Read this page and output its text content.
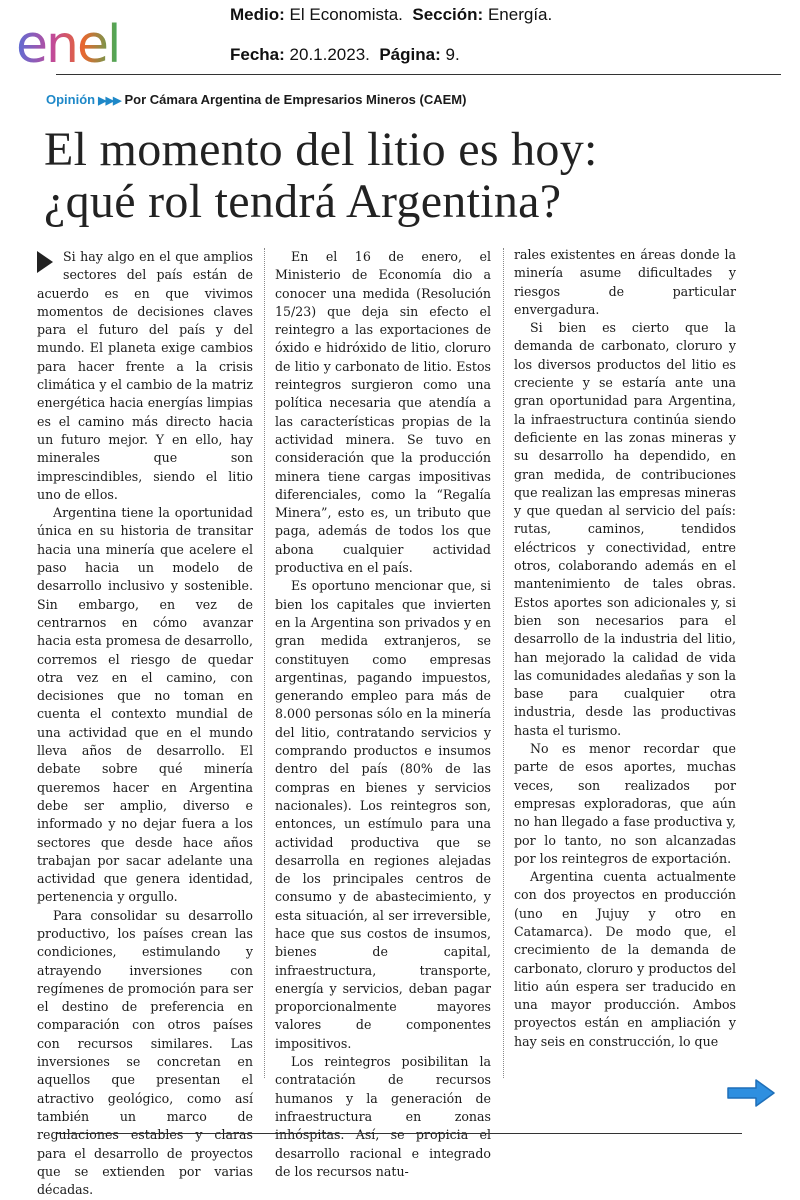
enel
Medio: El Economista. Sección: Energía.
Fecha: 20.1.2023. Página: 9.
Opinión ▶▶▶ Por Cámara Argentina de Empresarios Mineros (CAEM)
El momento del litio es hoy:
¿qué rol tendrá Argentina?

Si hay algo en el que amplios sectores del país están de acuerdo es en que vivimos momentos de decisiones claves para el futuro del país y del mundo. El planeta exige cambios para hacer frente a la crisis climática y el cambio de la matriz energética hacia energías limpias es el camino más directo hacia un futuro mejor. Y en ello, hay minerales que son imprescindibles, siendo el litio uno de ellos.

Argentina tiene la oportunidad única en su historia de transitar hacia una minería que acelere el paso hacia un modelo de desarrollo inclusivo y sostenible. Sin embargo, en vez de centrarnos en cómo avanzar hacia esta promesa de desarrollo, corremos el riesgo de quedar otra vez en el camino, con decisiones que no toman en cuenta el contexto mundial de una actividad que en el mundo lleva años de desarrollo. El debate sobre qué minería queremos hacer en Argentina debe ser amplio, diverso e informado y no dejar fuera a los sectores que desde hace años trabajan por sacar adelante una actividad que genera identidad, pertenencia y orgullo.

Para consolidar su desarrollo productivo, los países crean las condiciones, estimulando y atrayendo inversiones con regímenes de promoción para ser el destino de preferencia en comparación con otros países con recursos similares. Las inversiones se concretan en aquellos que presentan el atractivo geológico, como así también un marco de regulaciones estables y claras para el desarrollo de proyectos que se extienden por varias décadas.

En el 16 de enero, el Ministerio de Economía dio a conocer una medida (Resolución 15/23) que deja sin efecto el reintegro a las exportaciones de óxido e hidróxido de litio, cloruro de litio y carbonato de litio. Estos reintegros surgieron como una política necesaria que atendía a las características propias de la actividad minera. Se tuvo en consideración que la producción minera tiene cargas impositivas diferenciales, como la “Regalía Minera”, esto es, un tributo que paga, además de todos los que abona cualquier actividad productiva en el país.

Es oportuno mencionar que, si bien los capitales que invierten en la Argentina son privados y en gran medida extranjeros, se constituyen como empresas argentinas, pagando impuestos, generando empleo para más de 8.000 personas sólo en la minería del litio, contratando servicios y comprando productos e insumos dentro del país (80% de las compras en bienes y servicios nacionales). Los reintegros son, entonces, un estímulo para una actividad productiva que se desarrolla en regiones alejadas de los principales centros de consumo y de abastecimiento, y esta situación, al ser irreversible, hace que sus costos de insumos, bienes de capital, infraestructura, transporte, energía y servicios, deban pagar proporcionalmente mayores valores de componentes impositivos.

Los reintegros posibilitan la contratación de recursos humanos y la generación de infraestructura en zonas inhóspitas. Así, se propicia el desarrollo racional e integrado de los recursos natu-

rales existentes en áreas donde la minería asume dificultades y riesgos de particular envergadura.

Si bien es cierto que la demanda de carbonato, cloruro y los diversos productos del litio es creciente y se estaría ante una gran oportunidad para Argentina, la infraestructura continúa siendo deficiente en las zonas mineras y su desarrollo ha dependido, en gran medida, de contribuciones que realizan las empresas mineras y que quedan al servicio del país: rutas, caminos, tendidos eléctricos y conectividad, entre otros, colaborando además en el mantenimiento de tales obras. Estos aportes son adicionales y, si bien son necesarios para el desarrollo de la industria del litio, han mejorado la calidad de vida las comunidades aledañas y son la base para cualquier otra industria, desde las productivas hasta el turismo.

No es menor recordar que parte de esos aportes, muchas veces, son realizados por empresas exploradoras, que aún no han llegado a fase productiva y, por lo tanto, no son alcanzadas por los reintegros de exportación.

Argentina cuenta actualmente con dos proyectos en producción (uno en Jujuy y otro en Catamarca). De modo que, el crecimiento de la demanda de carbonato, cloruro y productos del litio aún espera ser traducido en una mayor producción. Ambos proyectos están en ampliación y hay seis en construcción, lo que
